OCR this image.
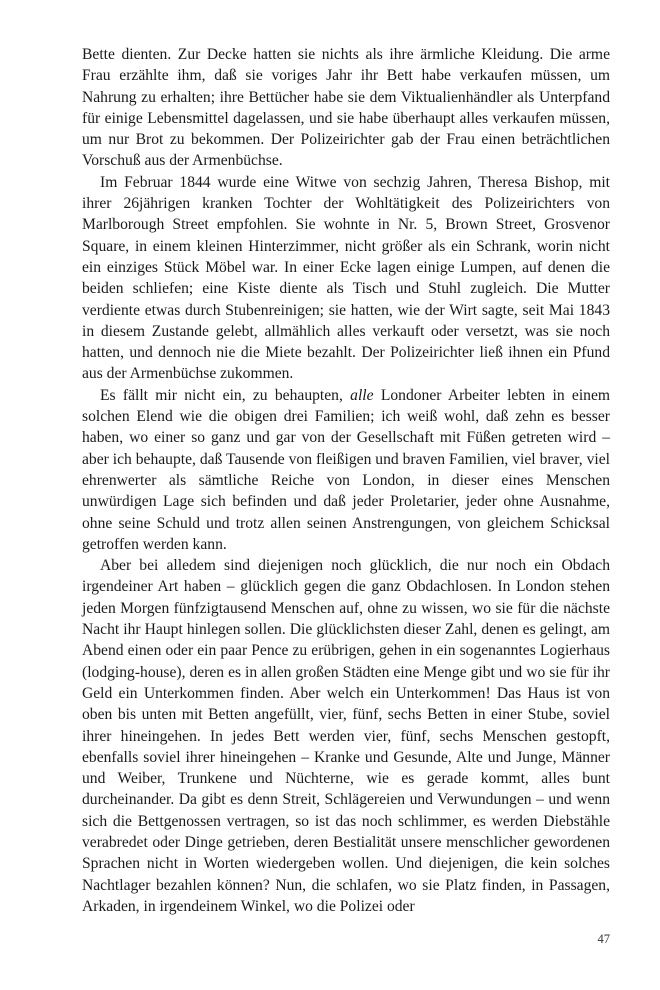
Bette dienten. Zur Decke hatten sie nichts als ihre ärmliche Kleidung. Die arme Frau erzählte ihm, daß sie voriges Jahr ihr Bett habe verkaufen müssen, um Nahrung zu erhalten; ihre Bettücher habe sie dem Viktualienhändler als Unterpfand für einige Lebensmittel dagelassen, und sie habe überhaupt alles verkaufen müssen, um nur Brot zu bekommen. Der Polizeirichter gab der Frau einen beträchtlichen Vorschuß aus der Armenbüchse.

Im Februar 1844 wurde eine Witwe von sechzig Jahren, Theresa Bishop, mit ihrer 26jährigen kranken Tochter der Wohltätigkeit des Polizeirichters von Marlborough Street empfohlen. Sie wohnte in Nr. 5, Brown Street, Grosvenor Square, in einem kleinen Hinterzimmer, nicht größer als ein Schrank, worin nicht ein einziges Stück Möbel war. In einer Ecke lagen einige Lumpen, auf denen die beiden schliefen; eine Kiste diente als Tisch und Stuhl zugleich. Die Mutter verdiente etwas durch Stubenreinigen; sie hatten, wie der Wirt sagte, seit Mai 1843 in diesem Zustande gelebt, allmählich alles verkauft oder versetzt, was sie noch hatten, und dennoch nie die Miete bezahlt. Der Polizeirichter ließ ihnen ein Pfund aus der Armenbüchse zukommen.

Es fällt mir nicht ein, zu behaupten, alle Londoner Arbeiter lebten in einem solchen Elend wie die obigen drei Familien; ich weiß wohl, daß zehn es besser haben, wo einer so ganz und gar von der Gesellschaft mit Füßen getreten wird – aber ich behaupte, daß Tausende von fleißigen und braven Familien, viel braver, viel ehrenwerter als sämtliche Reiche von London, in dieser eines Menschen unwürdigen Lage sich befinden und daß jeder Proletarier, jeder ohne Ausnahme, ohne seine Schuld und trotz allen seinen Anstrengungen, von gleichem Schicksal getroffen werden kann.

Aber bei alledem sind diejenigen noch glücklich, die nur noch ein Obdach irgendeiner Art haben – glücklich gegen die ganz Obdachlosen. In London stehen jeden Morgen fünfzigtausend Menschen auf, ohne zu wissen, wo sie für die nächste Nacht ihr Haupt hinlegen sollen. Die glücklichsten dieser Zahl, denen es gelingt, am Abend einen oder ein paar Pence zu erübrigen, gehen in ein sogenanntes Logierhaus (lodging-house), deren es in allen großen Städten eine Menge gibt und wo sie für ihr Geld ein Unterkommen finden. Aber welch ein Unterkommen! Das Haus ist von oben bis unten mit Betten angefüllt, vier, fünf, sechs Betten in einer Stube, soviel ihrer hineingehen. In jedes Bett werden vier, fünf, sechs Menschen gestopft, ebenfalls soviel ihrer hineingehen – Kranke und Gesunde, Alte und Junge, Männer und Weiber, Trunkene und Nüchterne, wie es gerade kommt, alles bunt durcheinander. Da gibt es denn Streit, Schlägereien und Verwundungen – und wenn sich die Bettgenossen vertragen, so ist das noch schlimmer, es werden Diebstähle verabredet oder Dinge getrieben, deren Bestialität unsere menschlicher gewordenen Sprachen nicht in Worten wiedergeben wollen. Und diejenigen, die kein solches Nachtlager bezahlen können? Nun, die schlafen, wo sie Platz finden, in Passagen, Arkaden, in irgendeinem Winkel, wo die Polizei oder

47
